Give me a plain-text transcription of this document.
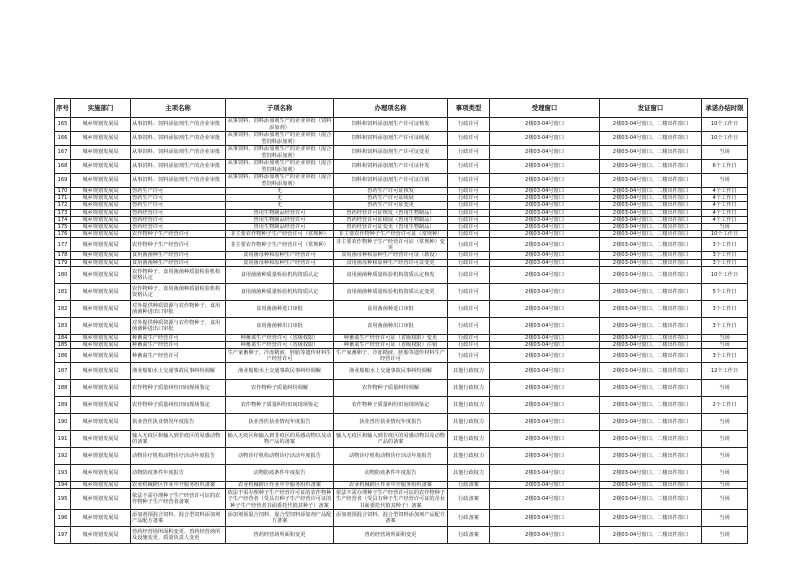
序号	实施部门	主项名称	子项名称	办理项名称	事项类型	受理窗口	发证窗口	承诺办结时限
165	城乡规划发展局	从事饲料、饲料添加剂生产的企业审批	从事饲料、饲料添加剂生产的企业审批（饲料添加剂）	饲料和饲料添加剂生产许可证核发	行政许可	2楼03-04号窗口	2楼03-04号窗口、二楼出件窗口	10个工作日
166	城乡规划发展局	从事饲料、饲料添加剂生产的企业审批	从事饲料、饲料添加剂生产的企业审批（混合型饲料添加剂）	饲料和饲料添加剂生产许可证续展	行政许可	2楼03-04号窗口	2楼03-04号窗口、二楼出件窗口	10个工作日
167	城乡规划发展局	从事饲料、饲料添加剂生产的企业审批	从事饲料、饲料添加剂生产的企业审批（混合型饲料添加剂）	饲料和饲料添加剂生产许可证变更	行政许可	2楼03-04号窗口	2楼03-04号窗口、二楼出件窗口	当场
168	城乡规划发展局	从事饲料、饲料添加剂生产的企业审批	从事饲料、饲料添加剂生产的企业审批（混合型饲料添加剂）	饲料和饲料添加剂生产许可证补发	行政许可	2楼03-04号窗口	2楼03-04号窗口、二楼出件窗口	6个工作日
169	城乡规划发展局	从事饲料、饲料添加剂生产的企业审批	从事饲料、饲料添加剂生产的企业审批（混合型饲料添加剂）	饲料和饲料添加剂生产许可证注销	行政许可	2楼03-04号窗口	2楼03-04号窗口、二楼出件窗口	当场
170	城乡规划发展局	兽药生产许可	无	兽药生产许可证核发	行政许可	2楼03-04号窗口	2楼03-04号窗口、二楼出件窗口	4个工作日
171	城乡规划发展局	兽药生产许可	无	兽药生产许可证续展	行政许可	2楼03-04号窗口	2楼03-04号窗口、二楼出件窗口	4个工作日
172	城乡规划发展局	兽药生产许可	无	兽药生产许可证变更	行政许可	2楼03-04号窗口	2楼03-04号窗口、二楼出件窗口	4个工作日
173	城乡规划发展局	兽药经营许可	兽用生物制品经营许可	兽药经营许可证核发（兽用生物制品）	行政许可	2楼03-04号窗口	2楼03-04号窗口、二楼出件窗口	4个工作日
174	城乡规划发展局	兽药经营许可	兽用生物制品经营许可	兽药经营许可证续展（兽用生物制品）	行政许可	2楼03-04号窗口	2楼03-04号窗口、二楼出件窗口	4个工作日
175	城乡规划发展局	兽药经营许可	兽用生物制品经营许可	兽药经营许可证变更（兽用生物制品）	行政许可	2楼03-04号窗口	2楼03-04号窗口、二楼出件窗口	当场
176	城乡规划发展局	农作物种子生产经营许可	非主要农作物种子生产经营许可（常规种）	非主要农作物种子生产经营许可证（常规种）	行政许可	2楼03-04号窗口	2楼03-04号窗口、二楼出件窗口	10个工作日
177	城乡规划发展局	农作物种子生产经营许可	非主要农作物种子生产经营许可（常规种）	非主要农作物种子生产经营许可证（常规种）变更	行政许可	2楼03-04号窗口	2楼03-04号窗口、二楼出件窗口	3个工作日
178	城乡规划发展局	食用菌菌种生产经营许可	食用菌母种和原种生产经营许可	食用菌母种和原种生产经营许可证（新设）	行政许可	2楼03-04号窗口	2楼03-04号窗口、二楼出件窗口	3个工作日
179	城乡规划发展局	食用菌菌种生产经营许可	食用菌母种和原种生产经营许可	食用菌母种和原种生产经营许可证变更	行政许可	2楼03-04号窗口	2楼03-04号窗口、二楼出件窗口	3个工作日
180	城乡规划发展局	农作物种子、食用菌菌种质量检验机构资格认定	食用菌菌种质量检验机构资质认定	食用菌菌种质量检验机构资质认定核发	行政许可	2楼03-04号窗口	2楼03-04号窗口、二楼出件窗口	10个工作日
181	城乡规划发展局	农作物种子、食用菌菌种质量检验机构资格认定	食用菌菌种质量检验机构资质认定	食用菌菌种质量检验机构资质认定变更	行政许可	2楼03-04号窗口	2楼03-04号窗口、二楼出件窗口	5个工作日
182	城乡规划发展局	对外提供种质资源与农作物种子、食用菌菌种进出口审批	食用菌菌种进口审批	食用菌菌种进口审批	行政许可	2楼03-04号窗口	2楼03-04号窗口、二楼出件窗口	3个工作日
183	城乡规划发展局	对外提供种质资源与农作物种子、食用菌菌种进出口审批	食用菌菌种出口审批	食用菌菌种出口审批	行政许可	2楼03-04号窗口	2楼03-04号窗口、二楼出件窗口	3个工作日
184	城乡规划发展局	种畜禽生产经营许可	种畜禽生产经营许可（省级权限）	种畜禽生产经营许可证（省级权限）变更	行政许可	2楼03-04号窗口	2楼03-04号窗口、二楼出件窗口	当场
185	城乡规划发展局	种畜禽生产经营许可	种畜禽生产经营许可（省级权限）	种畜禽生产经营许可证（省级权限）注销	行政许可	2楼03-04号窗口	2楼03-04号窗口、二楼出件窗口	当场
186	城乡规划发展局	种畜禽生产经营许可	生产家畜卵子、冷冻精液、胚胎等遗传材料生产经营许可	生产家畜卵子、冷冻精液、胚胎等遗传材料生产经营许可	行政许可	2楼03-04号窗口	2楼03-04号窗口、二楼出件窗口	3个工作日
187	城乡规划发展局	渔业船舶水上交通事故民事纠纷调解	渔业船舶水上交通事故民事纠纷调解	渔业船舶水上交通事故民事纠纷调解	其他行政权力	2楼03-04号窗口	2楼03-04号窗口、二楼出件窗口	12个工作日
188	城乡规划发展局	农作物种子质量纠纷田间现场鉴定	农作物种子质量纠纷调解	农作物种子质量纠纷调解	其他行政权力	2楼03-04号窗口	2楼03-04号窗口、二楼出件窗口	当场
189	城乡规划发展局	农作物种子质量纠纷田间现场鉴定	农作物种子质量纠纷田间现场鉴定	农作物种子质量纠纷田间现场鉴定	其他行政权力	2楼03-04号窗口	2楼03-04号窗口、二楼出件窗口	2个工作日
190	城乡规划发展局	执业兽医执业情况年度报告	执业兽医执业情况年度报告	执业兽医执业情况年度报告	其他行政权力	2楼03-04号窗口	2楼03-04号窗口、二楼出件窗口	当场
191	城乡规划发展局	输入无疫区和输入到非疫区的易感动物的备案	输入无疫区和输入到非疫区的易感动物以及动物产品的备案	输入无疫区和输入到非疫区的易感动物以及动物产品的备案	其他行政权力	2楼03-04号窗口	2楼03-04号窗口、二楼出件窗口	当场
192	城乡规划发展局	动物诊疗机构动物诊疗活动年度报告	动物诊疗机构动物诊疗活动年度报告	动物诊疗机构动物诊疗活动年度报告	其他行政权力	2楼03-04号窗口	2楼03-04号窗口、二楼出件窗口	当场
193	城乡规划发展局	动物防疫条件年度报告	动物防疫条件年度报告	动物防疫条件年度报告	其他行政权力	2楼03-04号窗口	2楼03-04号窗口、二楼出件窗口	当场
194	城乡规划发展局	农业机械跨区作业中介服务组织备案	农业机械跨区作业中介服务组织备案	农业机械跨区作业中介服务组织备案	行政备案	2楼03-04号窗口	2楼03-04号窗口、二楼出件窗口	当场
195	城乡规划发展局	依法不需办理种子生产经营许可证的农作物种子生产经营者备案	依法不需办理种子生产经营许可证的农作物种子生产经营者（受具有种子生产经营许可证的种子生产经营者书面委托代销其种子）备案	依法不需办理种子生产经营许可证的农作物种子生产经营者（受具有种子生产经营许可证的企业书面委托代销其种子）备案	行政备案	2楼03-04号窗口	2楼03-04号窗口、二楼出件窗口	当场
196	城乡规划发展局	添加剂预混合饲料、混合型饲料添加剂产品配方备案	添加剂预混合饲料、混合型饲料添加剂产品配方备案	添加剂预混合饲料、混合型饲料添加剂产品配方备案	行政备案	2楼03-04号窗口	2楼03-04号窗口、二楼出件窗口	当场
197	城乡规划发展局	兽药经营场所面积变更、兽药经营场所及设施变更、质量负责人变更	兽药经营场所面积变更	兽药经营场所面积变更	行政备案	2楼03-04号窗口	2楼03-04号窗口、二楼出件窗口	当场
